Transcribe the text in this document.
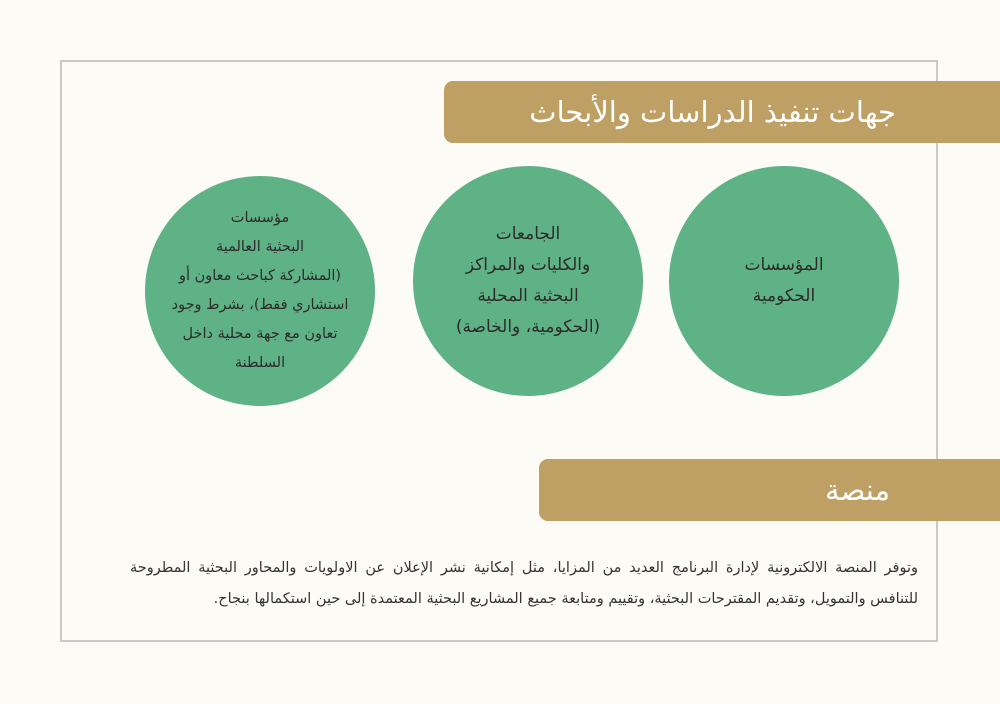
جهات تنفيذ الدراسات والأبحاث
المؤسسات
الحكومية
الجامعات
والكليات والمراكز
البحثية المحلية
(الحكومية، والخاصة)
مؤسسات
البحثية العالمية
(المشاركة كباحث معاون أو
استشاري فقط)، بشرط وجود
تعاون مع جهة محلية داخل
السلطنة
منصة

وتوفر المنصة الالكترونية لإدارة البرنامج العديد من المزايا، مثل إمكانية نشر الإعلان عن الاولويات والمحاور البحثية المطروحة للتنافس والتمويل، وتقديم المقترحات البحثية، وتقييم ومتابعة جميع المشاريع البحثية المعتمدة إلى حين استكمالها بنجاح.
